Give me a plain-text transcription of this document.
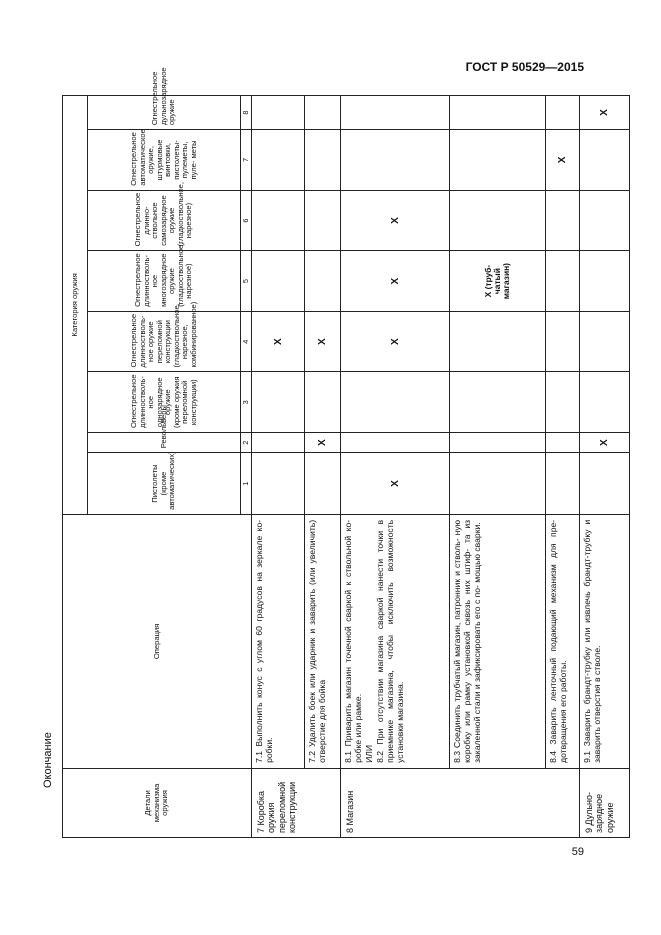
ГОСТ Р 50529—2015
Окончание
Детали механизма оружия	Операция	Категория оружия							
		Пистолеты (кроме автоматических)	Револьверы	Огнестрельное длинностволь- ное однозарядное оружие (кроме оружия переломной конструкции)	Огнестрельное длинностволь- ное оружие переломной конструкции (гладкоствольное, нарезное, комбинированное)	Огнестрельное длинностволь- ное многозарядное оружие (гладкоствольное, нарезное)	Огнестрельное длинно- ствольное самозарядное оружие (гладкоствольное, нарезное)	Огнестрельное автоматическое оружие, штурмовые винтовки, пистолеты-пулеметы, пуле- меты	Огнестрельное дульнозарядное оружие
		1	2	3	4	5	6	7	8
7 Коробка оружия переломной конструкции	7.1 Выполнить конус с углом 60 градусов на зеркале ко- робки.				X				
	7.2 Удалить боек или ударник и заварить (или увеличить) отверстие для бойка		X		X				
8 Магазин	8.1 Приварить магазин точечной сваркой к ствольной ко- робке или рамке. ИЛИ 8.2 При отсутствии магазина сваркой нанести точки в приемнике магазина, чтобы исключить возможность установки магазина.	X			X	X	X		
	8.3 Соединить трубчатый магазин, патронник и стволь- ную коробку или рамку установкой сквозь них штиф- та из закаленной стали и зафиксировать его с по- мощью сварки.					X (труб- чатый магазин)			
	8.4 Заварить ленточный подающий механизм для пре- дотвращения его работы.							X	
9 Дульно- зарядное оружие	9.1 Заварить брандт-трубку или извлечь брандт-трубку и заварить отверстия в стволе.		X						X
59
